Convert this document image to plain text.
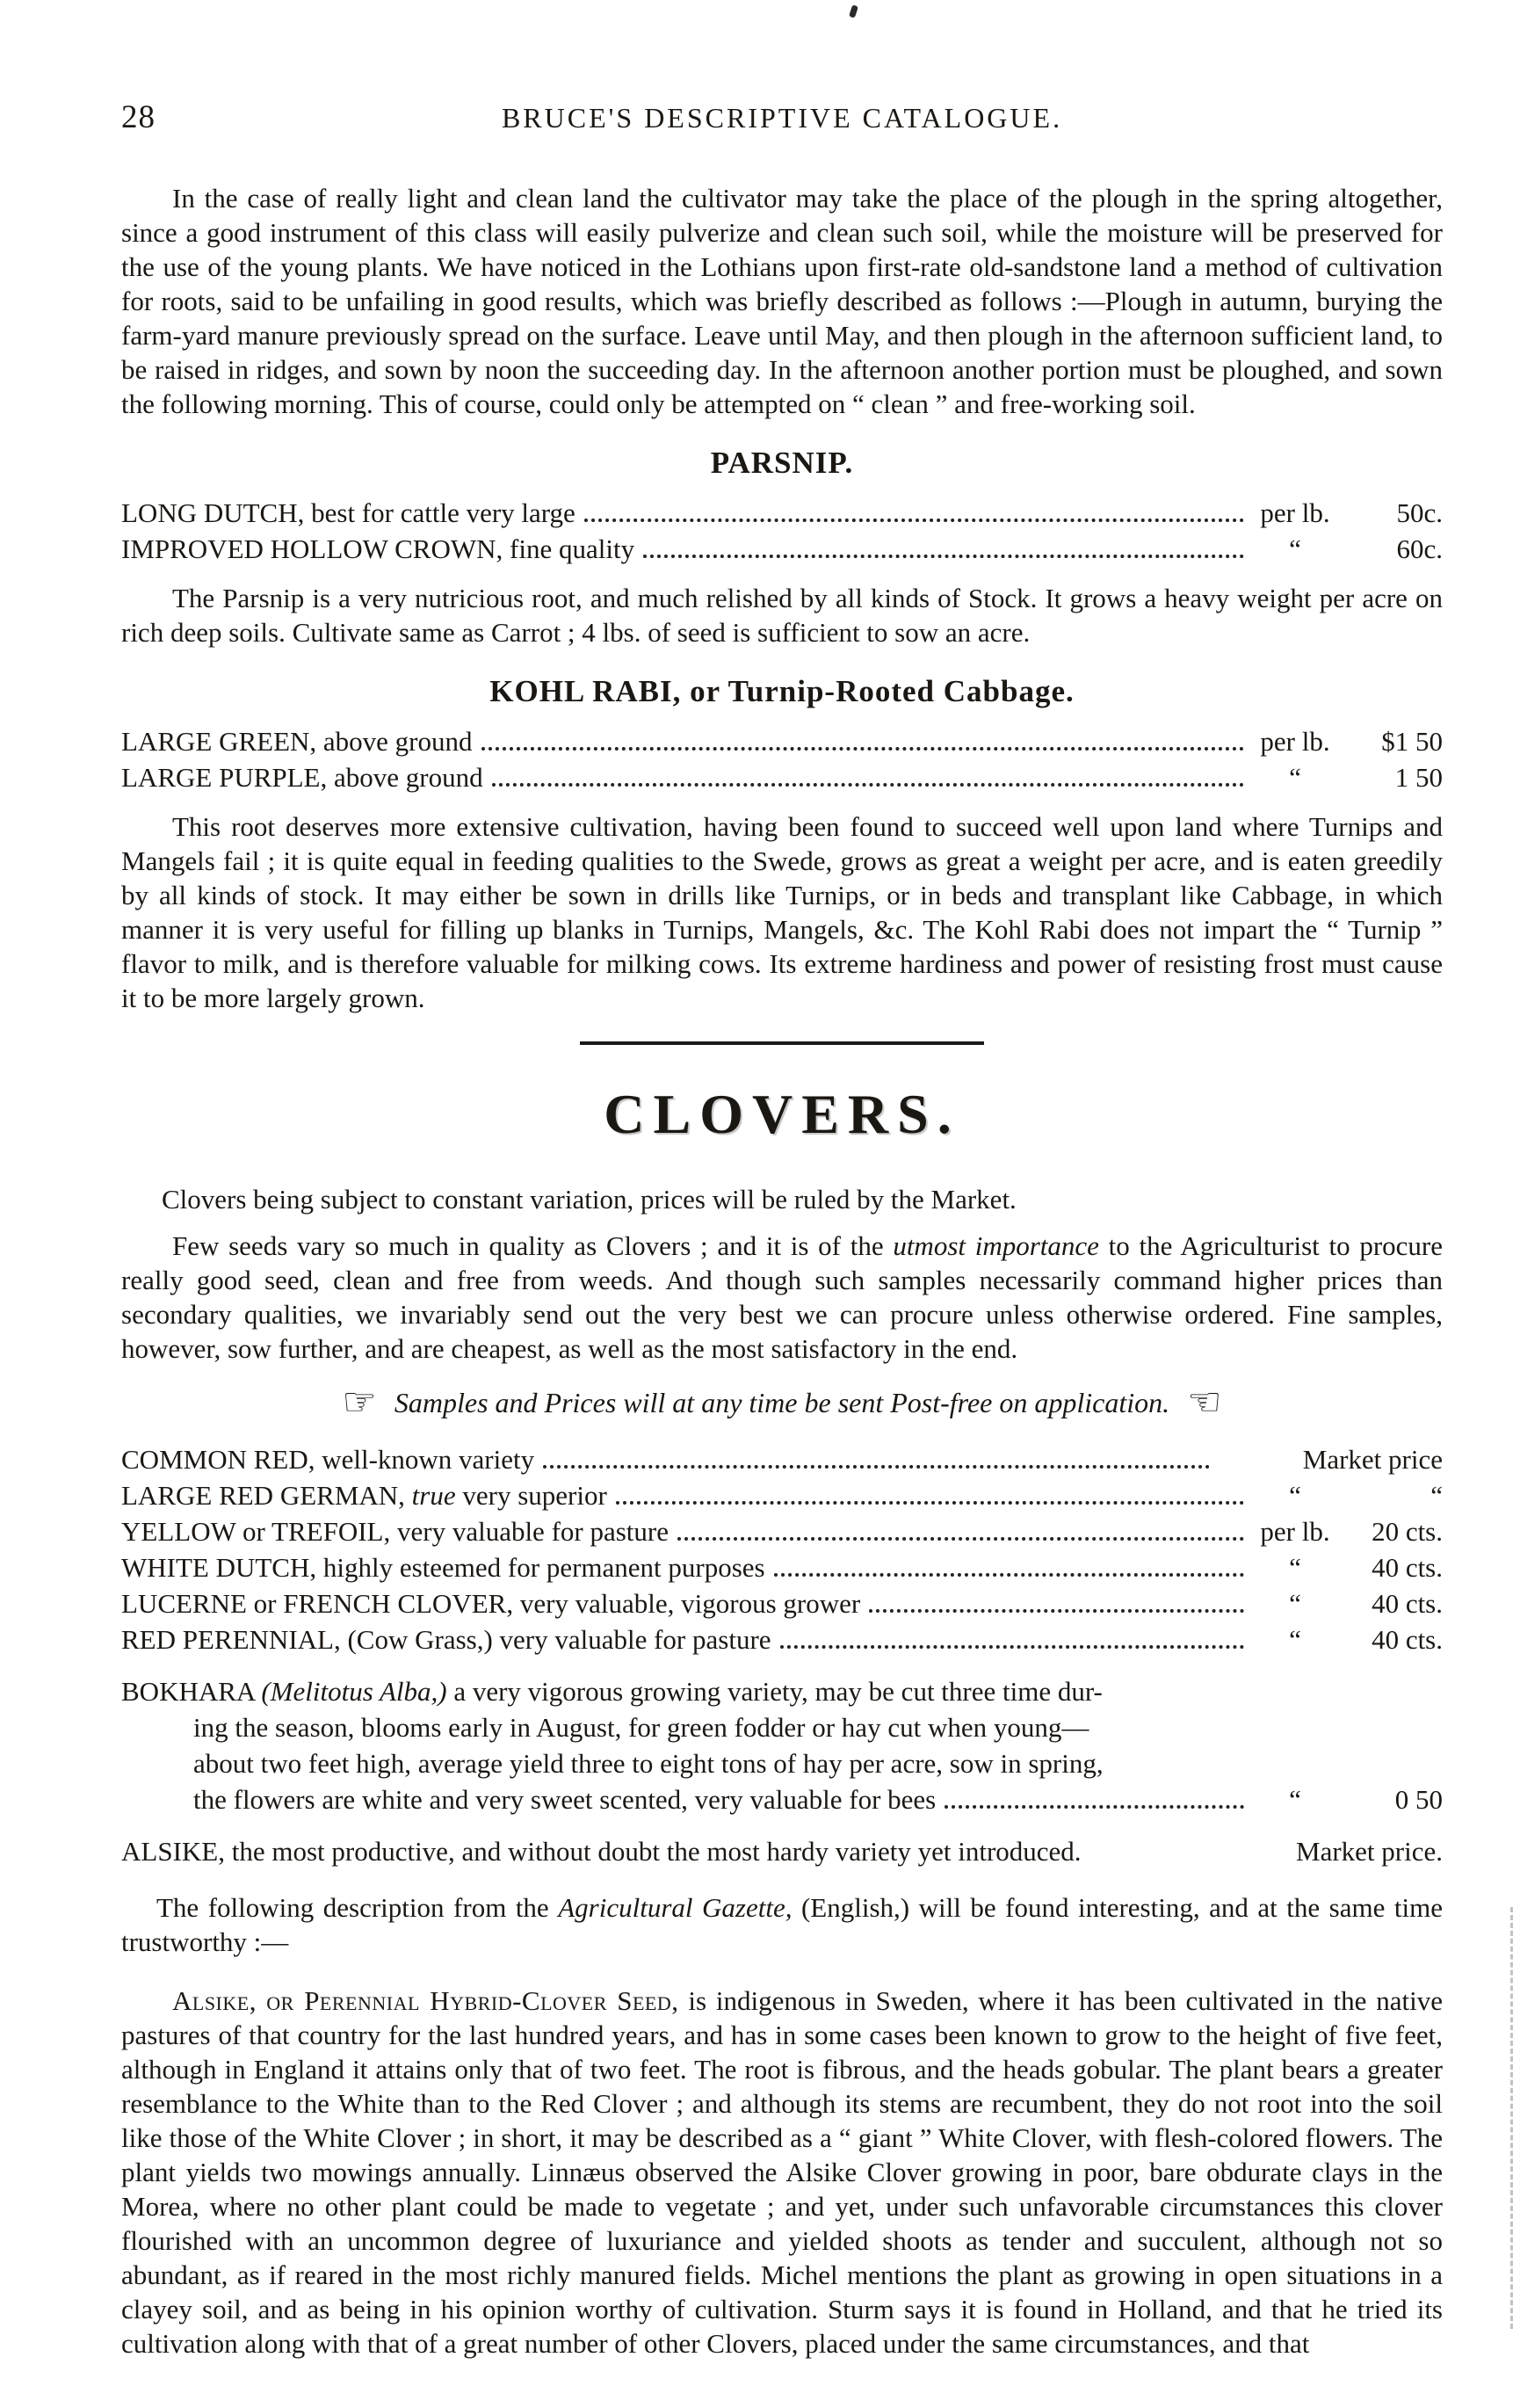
28	BRUCE'S DESCRIPTIVE CATALOGUE.

In the case of really light and clean land the cultivator may take the place of the plough in the spring altogether, since a good instrument of this class will easily pulverize and clean such soil, while the moisture will be preserved for the use of the young plants. We have noticed in the Lothians upon first-rate old-sandstone land a method of cultivation for roots, said to be unfailing in good results, which was briefly described as follows :—Plough in autumn, burying the farm-yard manure previously spread on the surface. Leave until May, and then plough in the afternoon sufficient land, to be raised in ridges, and sown by noon the succeeding day. In the afternoon another portion must be ploughed, and sown the following morning. This of course, could only be attempted on “ clean ” and free-working soil.

PARSNIP.
LONG DUTCH, best for cattle very large	per lb.	50c.
IMPROVED HOLLOW CROWN, fine quality	“	60c.

The Parsnip is a very nutricious root, and much relished by all kinds of Stock. It grows a heavy weight per acre on rich deep soils. Cultivate same as Carrot ; 4 lbs. of seed is sufficient to sow an acre.

KOHL RABI, or Turnip-Rooted Cabbage.
LARGE GREEN, above ground	per lb.	$1 50
LARGE PURPLE, above ground	“	1 50

This root deserves more extensive cultivation, having been found to succeed well upon land where Turnips and Mangels fail ; it is quite equal in feeding qualities to the Swede, grows as great a weight per acre, and is eaten greedily by all kinds of stock. It may either be sown in drills like Turnips, or in beds and transplant like Cabbage, in which manner it is very useful for filling up blanks in Turnips, Mangels, &c. The Kohl Rabi does not impart the “ Turnip ” flavor to milk, and is therefore valuable for milking cows. Its extreme hardiness and power of resisting frost must cause it to be more largely grown.

CLOVERS.

Clovers being subject to constant variation, prices will be ruled by the Market.

Few seeds vary so much in quality as Clovers ; and it is of the utmost importance to the Agriculturist to procure really good seed, clean and free from weeds. And though such samples necessarily command higher prices than secondary qualities, we invariably send out the very best we can procure unless otherwise ordered. Fine samples, however, sow further, and are cheapest, as well as the most satisfactory in the end.

☞ Samples and Prices will at any time be sent Post-free on application. ☜
COMMON RED, well-known variety	Market price
LARGE RED GERMAN, true very superior	“	“
YELLOW or TREFOIL, very valuable for pasture	per lb.	20 cts.
WHITE DUTCH, highly esteemed for permanent purposes	“	40 cts.
LUCERNE or FRENCH CLOVER, very valuable, vigorous grower	“	40 cts.
RED PERENNIAL, (Cow Grass,) very valuable for pasture	“	40 cts.
BOKHARA (Melitotus Alba,) a very vigorous growing variety, may be cut three time dur-
ing the season, blooms early in August, for green fodder or hay cut when young—
about two feet high, average yield three to eight tons of hay per acre, sow in spring,
the flowers are white and very sweet scented, very valuable for bees	“	0 50
ALSIKE, the most productive, and without doubt the most hardy variety yet introduced.	Market price.

The following description from the Agricultural Gazette, (English,) will be found interesting, and at the same time trustworthy :—

Alsike, or Perennial Hybrid-Clover Seed, is indigenous in Sweden, where it has been cultivated in the native pastures of that country for the last hundred years, and has in some cases been known to grow to the height of five feet, although in England it attains only that of two feet. The root is fibrous, and the heads gobular. The plant bears a greater resemblance to the White than to the Red Clover ; and although its stems are recumbent, they do not root into the soil like those of the White Clover ; in short, it may be described as a “ giant ” White Clover, with flesh-colored flowers. The plant yields two mowings annually. Linnæus observed the Alsike Clover growing in poor, bare obdurate clays in the Morea, where no other plant could be made to vegetate ; and yet, under such unfavorable circumstances this clover flourished with an uncommon degree of luxuriance and yielded shoots as tender and succulent, although not so abundant, as if reared in the most richly manured fields. Michel mentions the plant as growing in open situations in a clayey soil, and as being in his opinion worthy of cultivation. Sturm says it is found in Holland, and that he tried its cultivation along with that of a great number of other Clovers, placed under the same circumstances, and that
